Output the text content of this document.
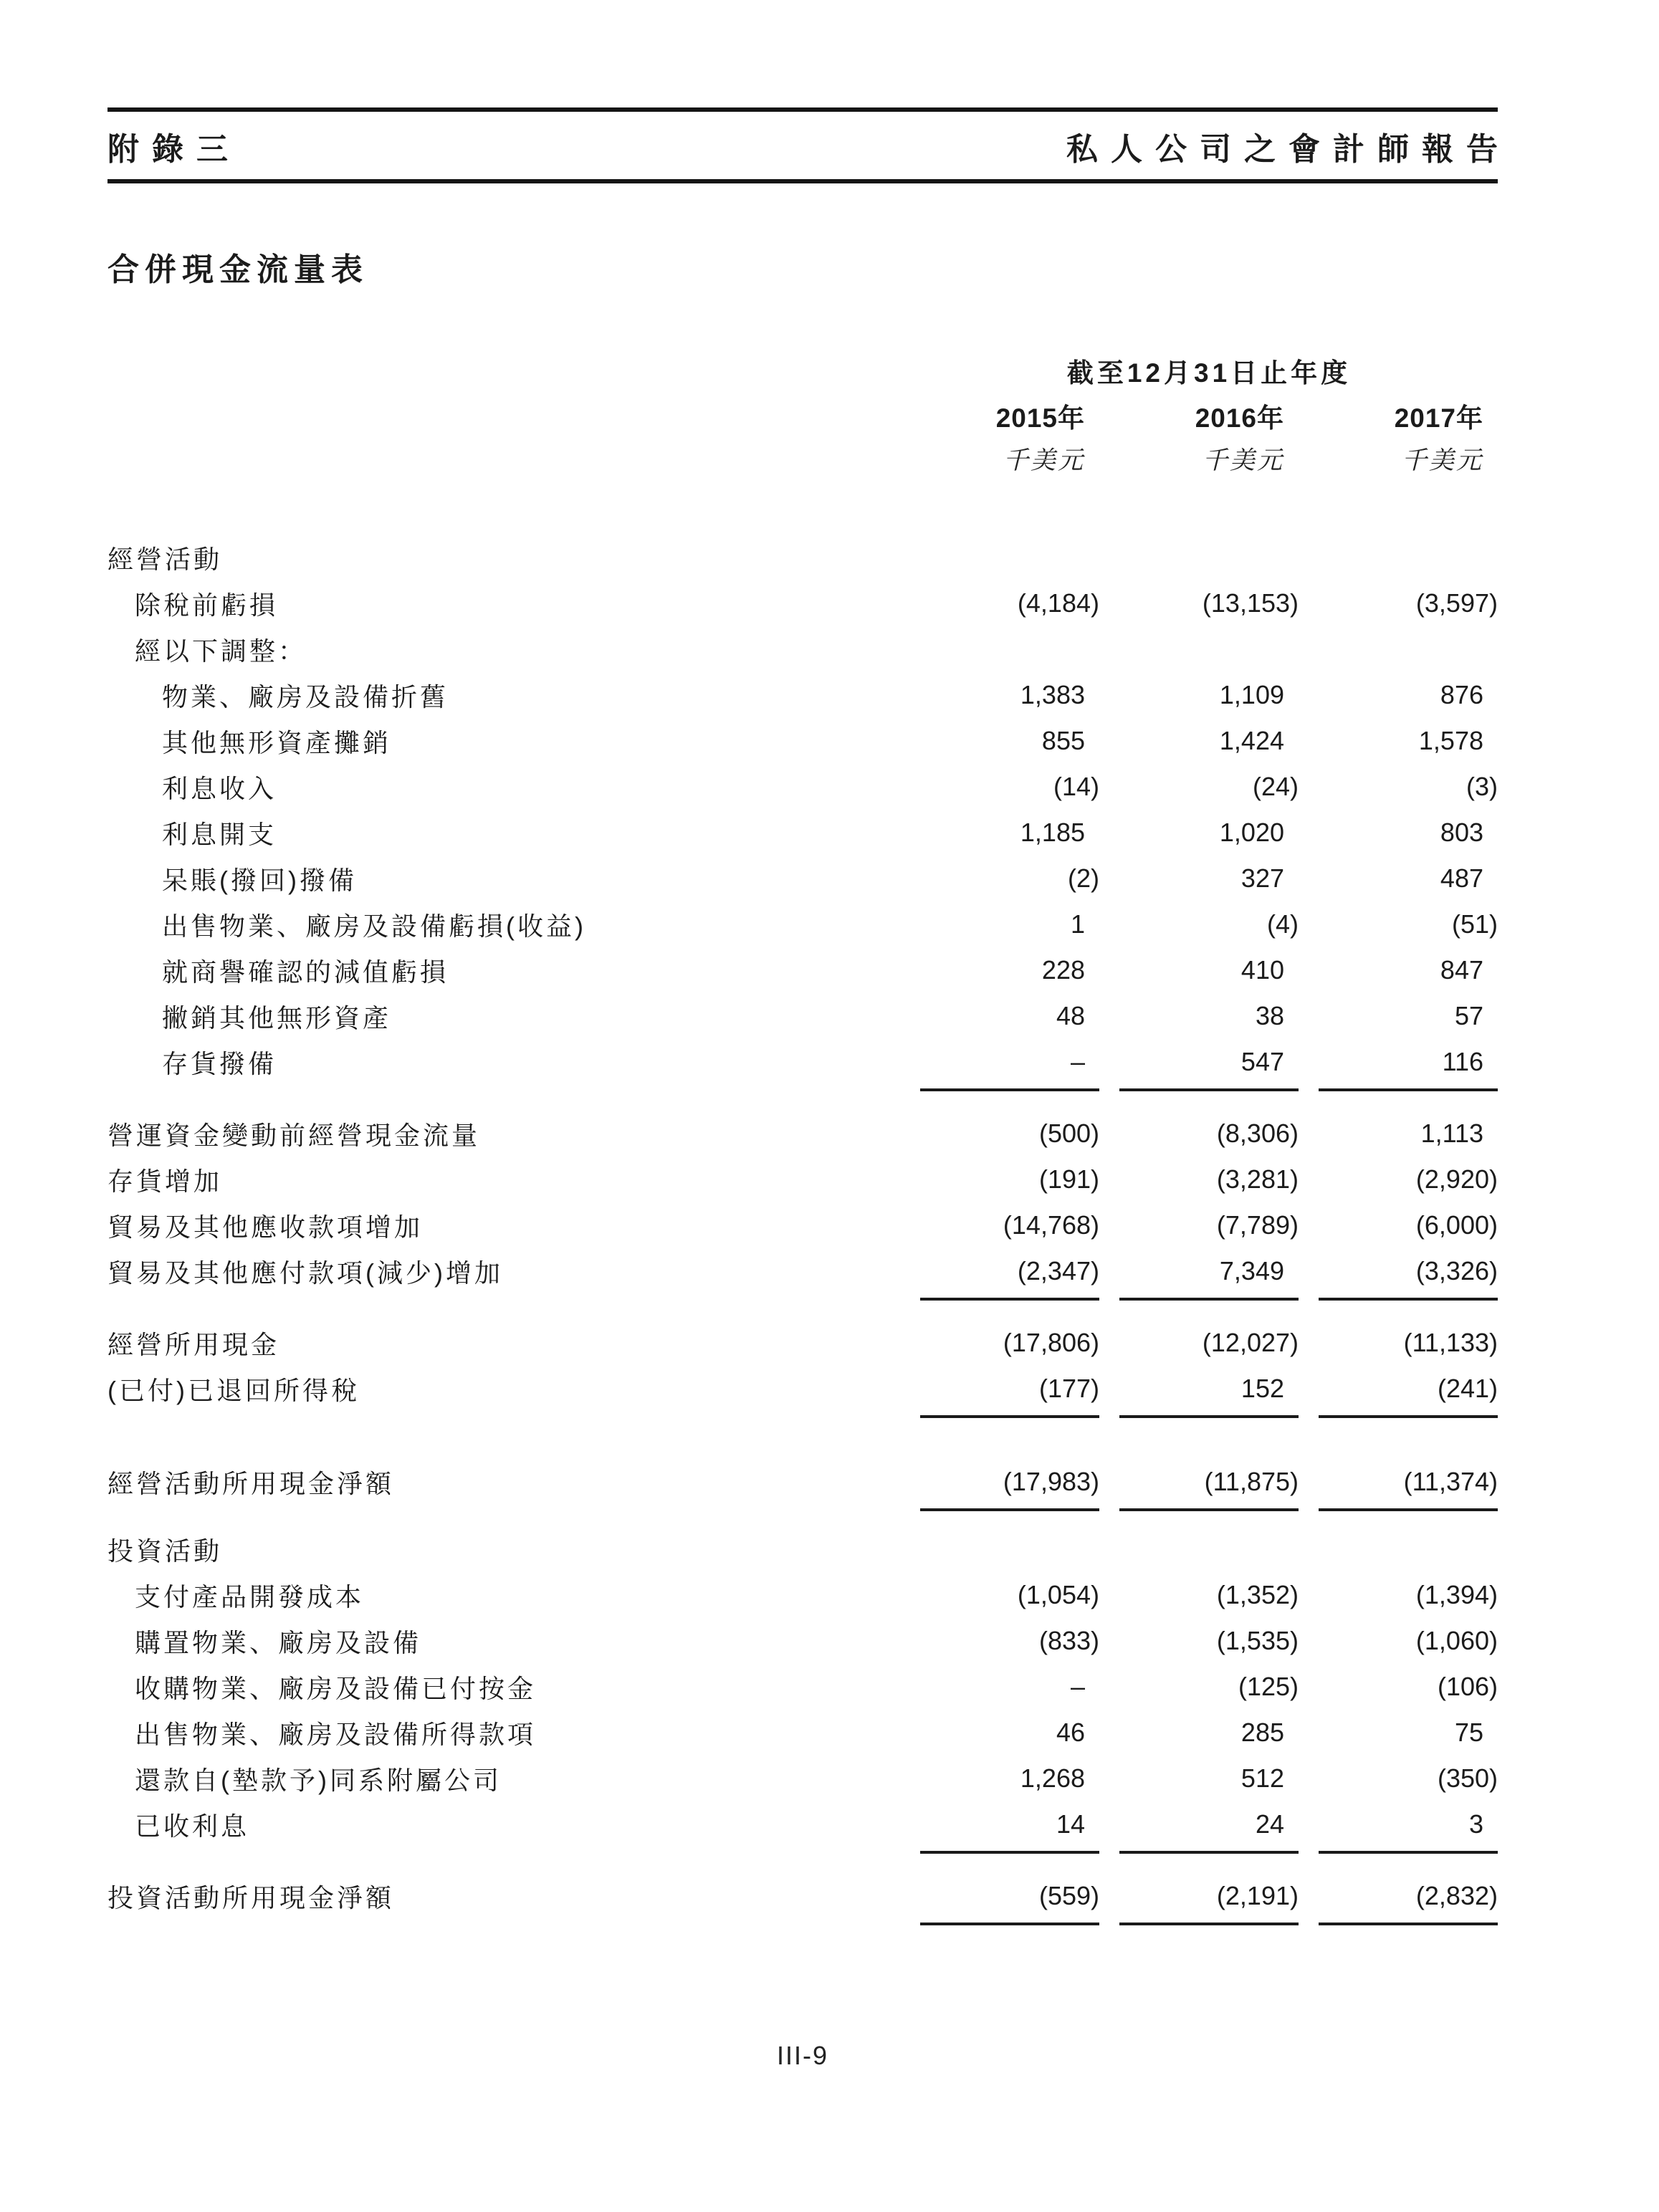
附錄三	私人公司之會計師報告
合併現金流量表
截至12月31日止年度
2015年	2016年	2017年
千美元	千美元	千美元
經營活動
除稅前虧損	(4,184)	(13,153)	(3,597)
經以下調整：
物業、廠房及設備折舊	1,383	1,109	876
其他無形資產攤銷	855	1,424	1,578
利息收入	(14)	(24)	(3)
利息開支	1,185	1,020	803
呆賬(撥回)撥備	(2)	327	487
出售物業、廠房及設備虧損(收益)	1	(4)	(51)
就商譽確認的減值虧損	228	410	847
撇銷其他無形資產	48	38	57
存貨撥備	–	547	116
營運資金變動前經營現金流量	(500)	(8,306)	1,113
存貨增加	(191)	(3,281)	(2,920)
貿易及其他應收款項增加	(14,768)	(7,789)	(6,000)
貿易及其他應付款項(減少)增加	(2,347)	7,349	(3,326)
經營所用現金	(17,806)	(12,027)	(11,133)
(已付)已退回所得稅	(177)	152	(241)
經營活動所用現金淨額	(17,983)	(11,875)	(11,374)
投資活動
支付產品開發成本	(1,054)	(1,352)	(1,394)
購置物業、廠房及設備	(833)	(1,535)	(1,060)
收購物業、廠房及設備已付按金	–	(125)	(106)
出售物業、廠房及設備所得款項	46	285	75
還款自(墊款予)同系附屬公司	1,268	512	(350)
已收利息	14	24	3
投資活動所用現金淨額	(559)	(2,191)	(2,832)
III-9
